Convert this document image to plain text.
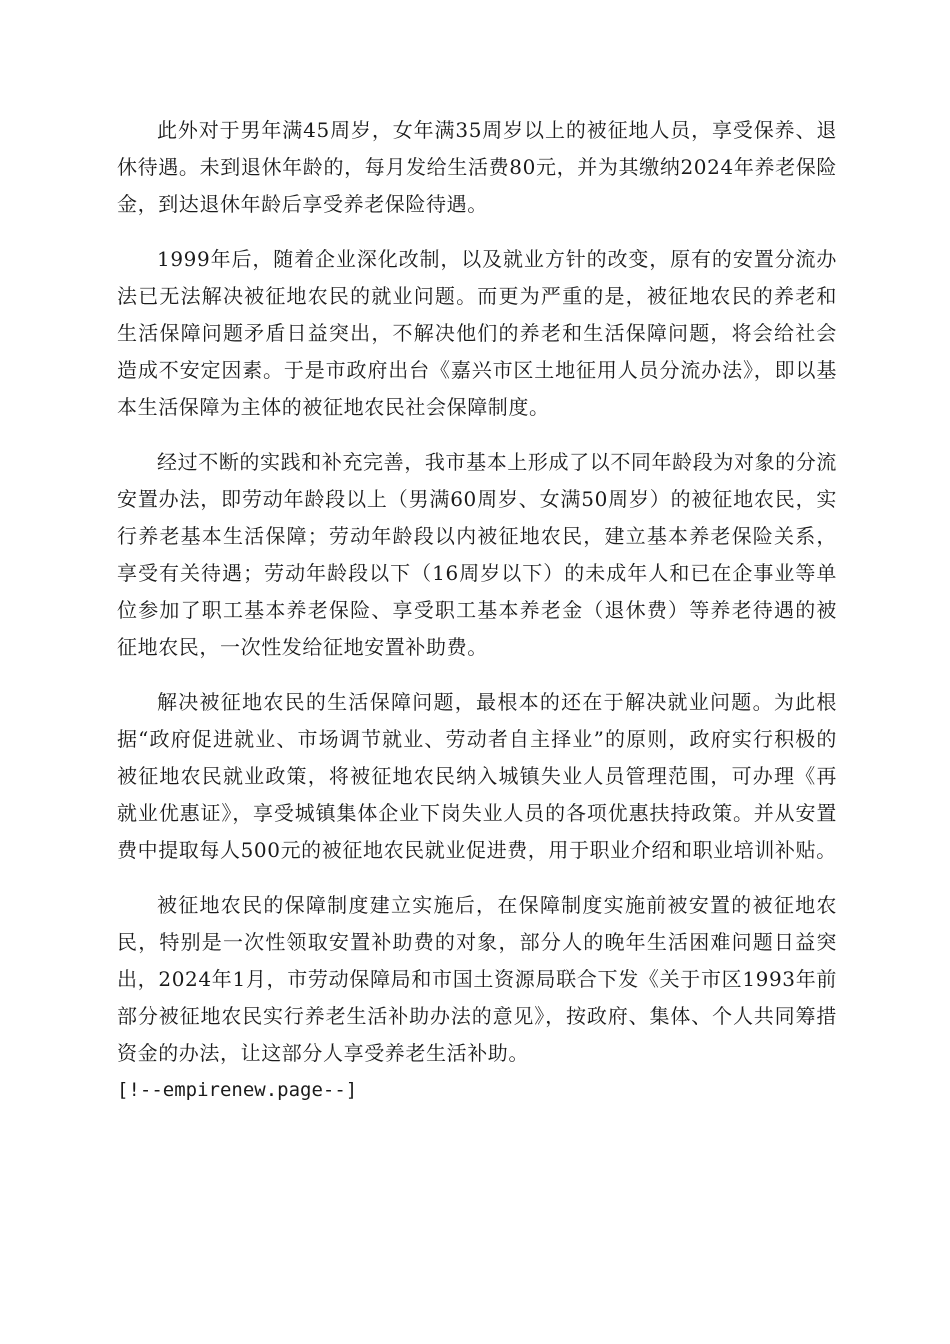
此外对于男年满45周岁，女年满35周岁以上的被征地人员，享受保养、退休待遇。未到退休年龄的，每月发给生活费80元，并为其缴纳2024年养老保险金，到达退休年龄后享受养老保险待遇。

1999年后，随着企业深化改制，以及就业方针的改变，原有的安置分流办法已无法解决被征地农民的就业问题。而更为严重的是，被征地农民的养老和生活保障问题矛盾日益突出，不解决他们的养老和生活保障问题，将会给社会造成不安定因素。于是市政府出台《嘉兴市区土地征用人员分流办法》，即以基本生活保障为主体的被征地农民社会保障制度。

经过不断的实践和补充完善，我市基本上形成了以不同年龄段为对象的分流安置办法，即劳动年龄段以上（男满60周岁、女满50周岁）的被征地农民，实行养老基本生活保障；劳动年龄段以内被征地农民，建立基本养老保险关系，享受有关待遇；劳动年龄段以下（16周岁以下）的未成年人和已在企事业等单位参加了职工基本养老保险、享受职工基本养老金（退休费）等养老待遇的被征地农民，一次性发给征地安置补助费。

解决被征地农民的生活保障问题，最根本的还在于解决就业问题。为此根据“政府促进就业、市场调节就业、劳动者自主择业”的原则，政府实行积极的被征地农民就业政策，将被征地农民纳入城镇失业人员管理范围，可办理《再就业优惠证》，享受城镇集体企业下岗失业人员的各项优惠扶持政策。并从安置费中提取每人500元的被征地农民就业促进费，用于职业介绍和职业培训补贴。

被征地农民的保障制度建立实施后，在保障制度实施前被安置的被征地农民，特别是一次性领取安置补助费的对象，部分人的晚年生活困难问题日益突出，2024年1月，市劳动保障局和市国土资源局联合下发《关于市区1993年前部分被征地农民实行养老生活补助办法的意见》，按政府、集体、个人共同筹措资金的办法，让这部分人享受养老生活补助。

[!--empirenew.page--]
